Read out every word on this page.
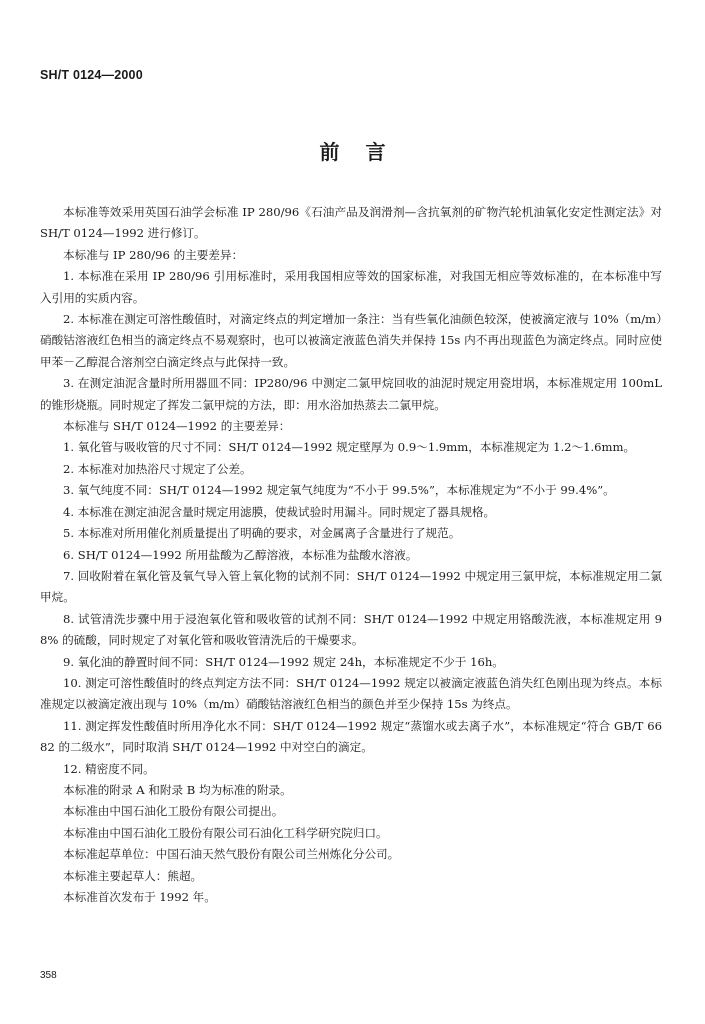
SH/T 0124—2000
前言

本标准等效采用英国石油学会标准 IP 280/96《石油产品及润滑剂—含抗氧剂的矿物汽轮机油氧化安定性测定法》对 SH/T 0124—1992 进行修订。

本标准与 IP 280/96 的主要差异：

1. 本标准在采用 IP 280/96 引用标准时，采用我国相应等效的国家标准，对我国无相应等效标准的，在本标准中写入引用的实质内容。

2. 本标准在测定可溶性酸值时，对滴定终点的判定增加一条注：当有些氧化油颜色较深，使被滴定液与 10%（m/m）硝酸钴溶液红色相当的滴定终点不易观察时，也可以被滴定液蓝色消失并保持 15s 内不再出现蓝色为滴定终点。同时应使甲苯－乙醇混合溶剂空白滴定终点与此保持一致。

3. 在测定油泥含量时所用器皿不同：IP280/96 中测定二氯甲烷回收的油泥时规定用瓷坩埚，本标准规定用 100mL 的锥形烧瓶。同时规定了挥发二氯甲烷的方法，即：用水浴加热蒸去二氯甲烷。

本标准与 SH/T 0124—1992 的主要差异：

1. 氧化管与吸收管的尺寸不同：SH/T 0124—1992 规定壁厚为 0.9～1.9mm，本标准规定为 1.2～1.6mm。

2. 本标准对加热浴尺寸规定了公差。

3. 氧气纯度不同：SH/T 0124—1992 规定氧气纯度为“不小于 99.5%”，本标准规定为“不小于 99.4%”。

4. 本标准在测定油泥含量时规定用滤膜，使裁试验时用漏斗。同时规定了器具规格。

5. 本标准对所用催化剂质量提出了明确的要求，对金属离子含量进行了规范。

6. SH/T 0124—1992 所用盐酸为乙醇溶液，本标准为盐酸水溶液。

7. 回收附着在氧化管及氧气导入管上氧化物的试剂不同：SH/T 0124—1992 中规定用三氯甲烷，本标准规定用二氯甲烷。

8. 试管清洗步骤中用于浸泡氧化管和吸收管的试剂不同：SH/T 0124—1992 中规定用铬酸洗液，本标准规定用 98% 的硫酸，同时规定了对氧化管和吸收管清洗后的干燥要求。

9. 氧化油的静置时间不同：SH/T 0124—1992 规定 24h，本标准规定不少于 16h。

10. 测定可溶性酸值时的终点判定方法不同：SH/T 0124—1992 规定以被滴定液蓝色消失红色刚出现为终点。本标准规定以被滴定液出现与 10%（m/m）硝酸钴溶液红色相当的颜色并至少保持 15s 为终点。

11. 测定挥发性酸值时所用净化水不同：SH/T 0124—1992 规定“蒸馏水或去离子水”，本标准规定“符合 GB/T 6682 的二级水”，同时取消 SH/T 0124—1992 中对空白的滴定。

12. 精密度不同。

本标准的附录 A 和附录 B 均为标准的附录。

本标准由中国石油化工股份有限公司提出。

本标准由中国石油化工股份有限公司石油化工科学研究院归口。

本标准起草单位：中国石油天然气股份有限公司兰州炼化分公司。

本标准主要起草人：熊超。

本标准首次发布于 1992 年。

358
